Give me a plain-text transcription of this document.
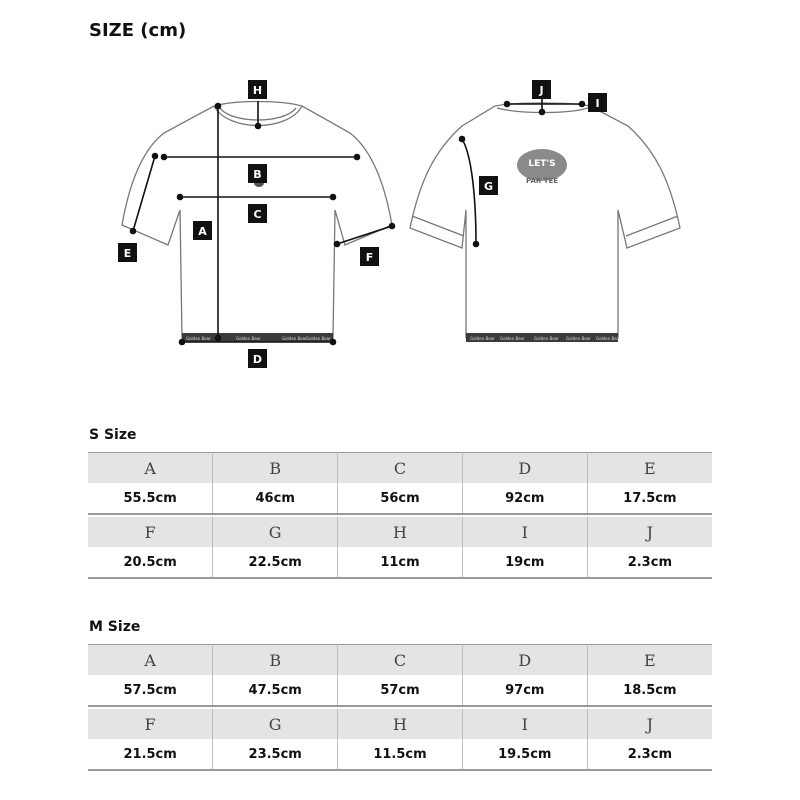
SIZE (cm)
Golden Bear	Golden Bear	Golden Bear Golden Bear
H
B
C
A
E	F
D
Golden Bear Golden Bear Golden Bear Golden Bear Golden Bear
LET'S
PAR TEE
J
I
G
S Size
A	B	C	D	E
55.5cm	46cm	56cm	92cm	17.5cm

F	G	H	I	J
20.5cm	22.5cm	11cm	19cm	2.3cm
M Size
A	B	C	D	E
57.5cm	47.5cm	57cm	97cm	18.5cm

F	G	H	I	J
21.5cm	23.5cm	11.5cm	19.5cm	2.3cm
